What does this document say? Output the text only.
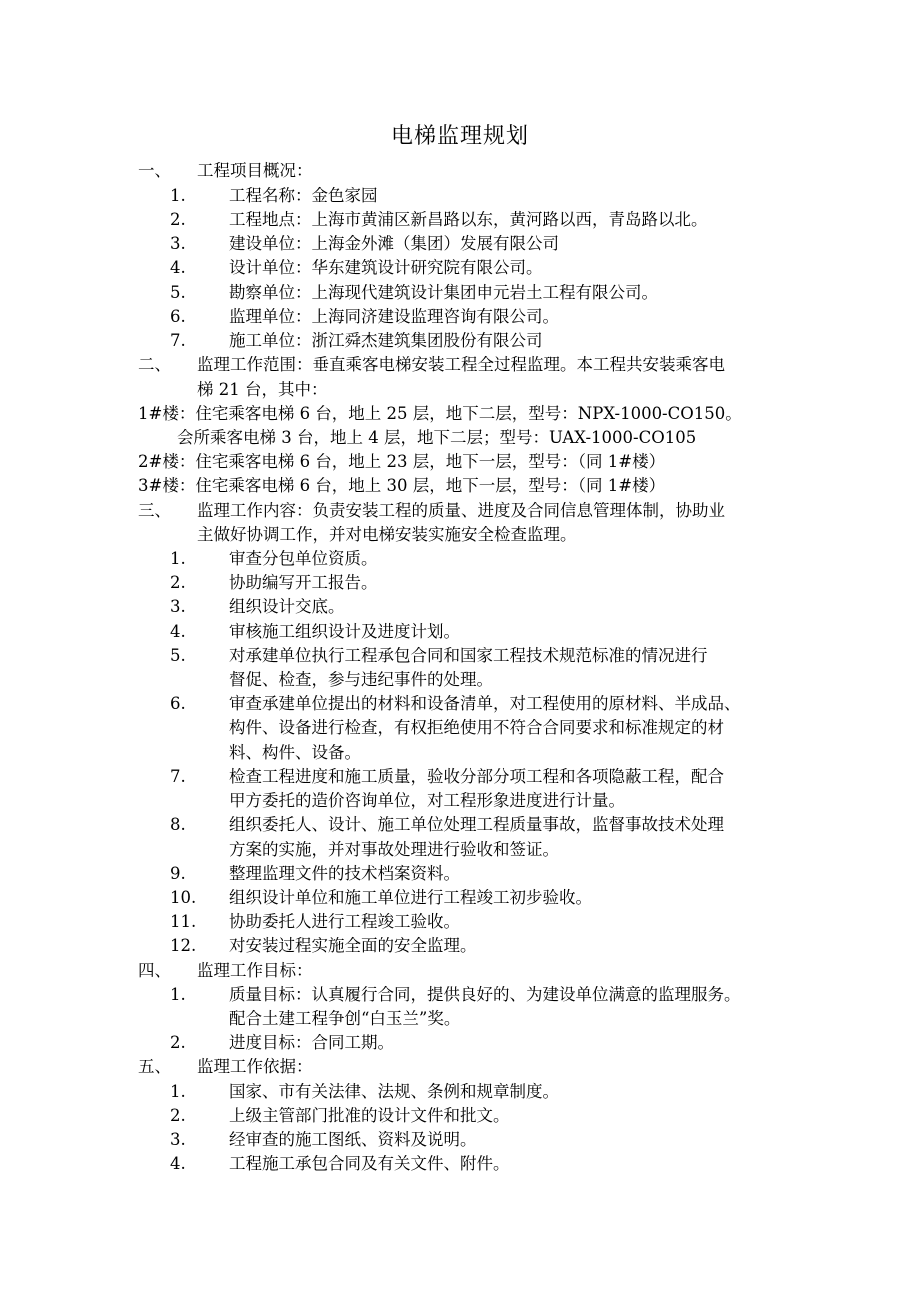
电梯监理规划
一、 工程项目概况：
1.	工程名称：金色家园
2.	工程地点：上海市黄浦区新昌路以东，黄河路以西，青岛路以北。
3.	建设单位：上海金外滩（集团）发展有限公司
4.	设计单位：华东建筑设计研究院有限公司。
5.	勘察单位：上海现代建筑设计集团申元岩土工程有限公司。
6.	监理单位：上海同济建设监理咨询有限公司。
7.	施工单位：浙江舜杰建筑集团股份有限公司
二、 监理工作范围：垂直乘客电梯安装工程全过程监理。本工程共安装乘客电
梯 21 台，其中：
1#楼：住宅乘客电梯 6 台，地上 25 层，地下二层，型号：NPX-1000-CO150。
会所乘客电梯 3 台，地上 4 层，地下二层；型号：UAX-1000-CO105
2#楼：住宅乘客电梯 6 台，地上 23 层，地下一层，型号：（同 1#楼）
3#楼：住宅乘客电梯 6 台，地上 30 层，地下一层，型号：（同 1#楼）
三、 监理工作内容：负责安装工程的质量、进度及合同信息管理体制，协助业
主做好协调工作，并对电梯安装实施安全检查监理。
1.	审查分包单位资质。
2.	协助编写开工报告。
3.	组织设计交底。
4.	审核施工组织设计及进度计划。
5.	对承建单位执行工程承包合同和国家工程技术规范标准的情况进行
督促、检查，参与违纪事件的处理。
6.	审查承建单位提出的材料和设备清单，对工程使用的原材料、半成品、
构件、设备进行检查，有权拒绝使用不符合合同要求和标准规定的材
料、构件、设备。
7.	检查工程进度和施工质量，验收分部分项工程和各项隐蔽工程，配合
甲方委托的造价咨询单位，对工程形象进度进行计量。
8.	组织委托人、设计、施工单位处理工程质量事故，监督事故技术处理
方案的实施，并对事故处理进行验收和签证。
9.	整理监理文件的技术档案资料。
10. 组织设计单位和施工单位进行工程竣工初步验收。
11. 协助委托人进行工程竣工验收。
12. 对安装过程实施全面的安全监理。
四、 监理工作目标：
1.	质量目标：认真履行合同，提供良好的、为建设单位满意的监理服务。
配合土建工程争创“白玉兰”奖。
2.	进度目标：合同工期。
五、 监理工作依据：
1.	国家、市有关法律、法规、条例和规章制度。
2.	上级主管部门批准的设计文件和批文。
3.	经审查的施工图纸、资料及说明。
4.	工程施工承包合同及有关文件、附件。
